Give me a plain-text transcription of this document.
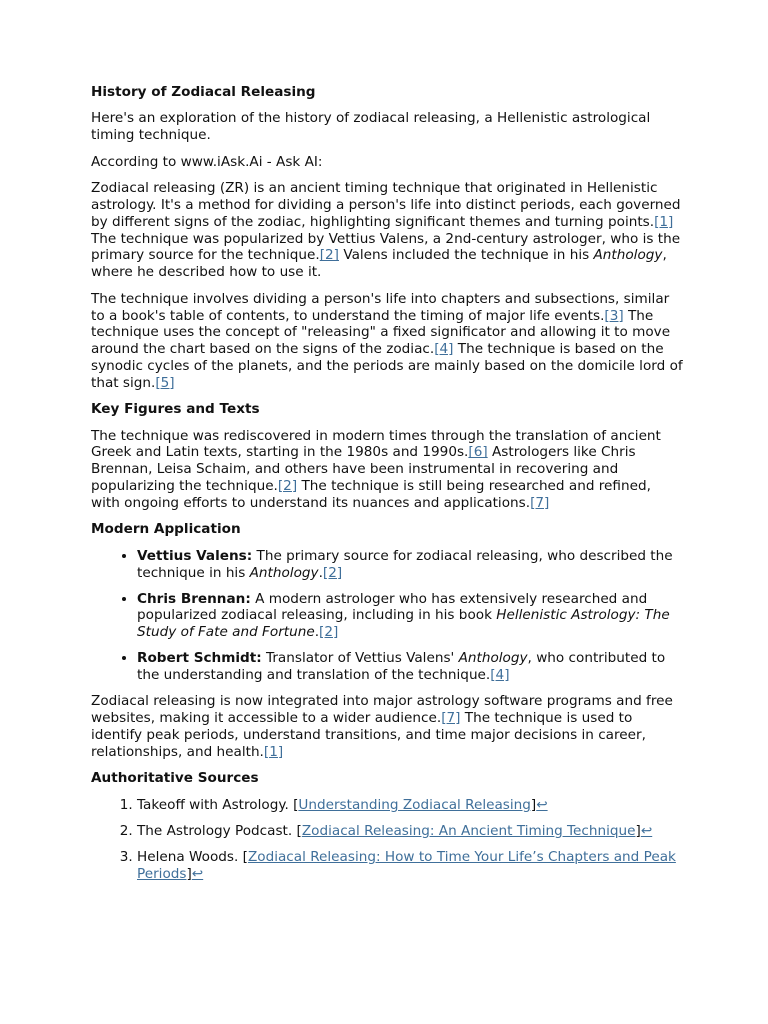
History of Zodiacal Releasing

Here's an exploration of the history of zodiacal releasing, a Hellenistic astrological timing technique.

According to www.iAsk.Ai - Ask AI:

Zodiacal releasing (ZR) is an ancient timing technique that originated in Hellenistic astrology. It's a method for dividing a person's life into distinct periods, each governed by different signs of the zodiac, highlighting significant themes and turning points.[1] The technique was popularized by Vettius Valens, a 2nd-century astrologer, who is the primary source for the technique.[2] Valens included the technique in his Anthology, where he described how to use it.

The technique involves dividing a person's life into chapters and subsections, similar to a book's table of contents, to understand the timing of major life events.[3] The technique uses the concept of "releasing" a fixed significator and allowing it to move around the chart based on the signs of the zodiac.[4] The technique is based on the synodic cycles of the planets, and the periods are mainly based on the domicile lord of that sign.[5]

Key Figures and Texts

The technique was rediscovered in modern times through the translation of ancient Greek and Latin texts, starting in the 1980s and 1990s.[6] Astrologers like Chris Brennan, Leisa Schaim, and others have been instrumental in recovering and popularizing the technique.[2] The technique is still being researched and refined, with ongoing efforts to understand its nuances and applications.[7]

Modern Application
• Vettius Valens: The primary source for zodiacal releasing, who described the technique in his Anthology.[2]
• Chris Brennan: A modern astrologer who has extensively researched and popularized zodiacal releasing, including in his book Hellenistic Astrology: The Study of Fate and Fortune.[2]
• Robert Schmidt: Translator of Vettius Valens' Anthology, who contributed to the understanding and translation of the technique.[4]

Zodiacal releasing is now integrated into major astrology software programs and free websites, making it accessible to a wider audience.[7] The technique is used to identify peak periods, understand transitions, and time major decisions in career, relationships, and health.[1]

Authoritative Sources
1. Takeoff with Astrology. [Understanding Zodiacal Releasing]↩
2. The Astrology Podcast. [Zodiacal Releasing: An Ancient Timing Technique]↩
3. Helena Woods. [Zodiacal Releasing: How to Time Your Life’s Chapters and Peak Periods]↩
